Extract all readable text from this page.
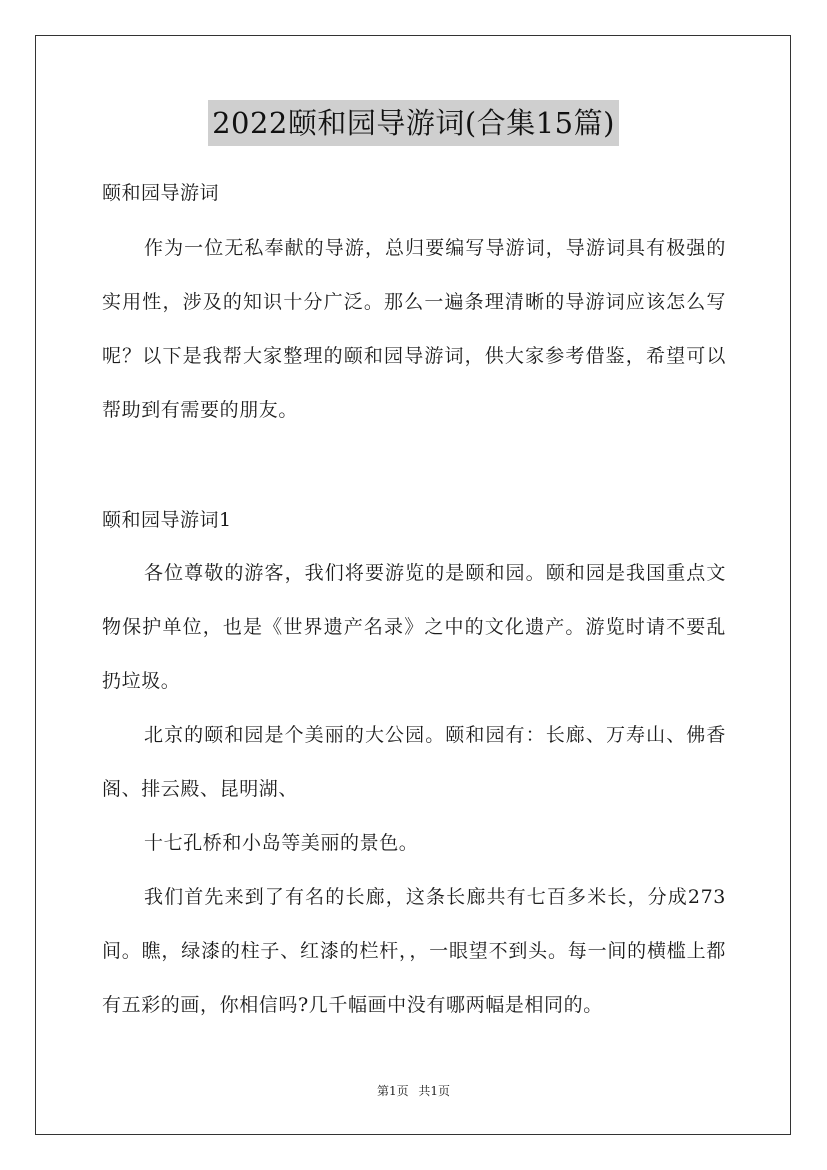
2022颐和园导游词(合集15篇)

颐和园导游词

作为一位无私奉献的导游，总归要编写导游词，导游词具有极强的实用性，涉及的知识十分广泛。那么一遍条理清晰的导游词应该怎么写呢？以下是我帮大家整理的颐和园导游词，供大家参考借鉴，希望可以帮助到有需要的朋友。

颐和园导游词1

各位尊敬的游客，我们将要游览的是颐和园。颐和园是我国重点文物保护单位，也是《世界遗产名录》之中的文化遗产。游览时请不要乱扔垃圾。

北京的颐和园是个美丽的大公园。颐和园有：长廊、万寿山、佛香阁、排云殿、昆明湖、

十七孔桥和小岛等美丽的景色。

我们首先来到了有名的长廊，这条长廊共有七百多米长，分成273间。瞧，绿漆的柱子、红漆的栏杆，，一眼望不到头。每一间的横槛上都有五彩的画，你相信吗?几千幅画中没有哪两幅是相同的。

第1页 共1页
